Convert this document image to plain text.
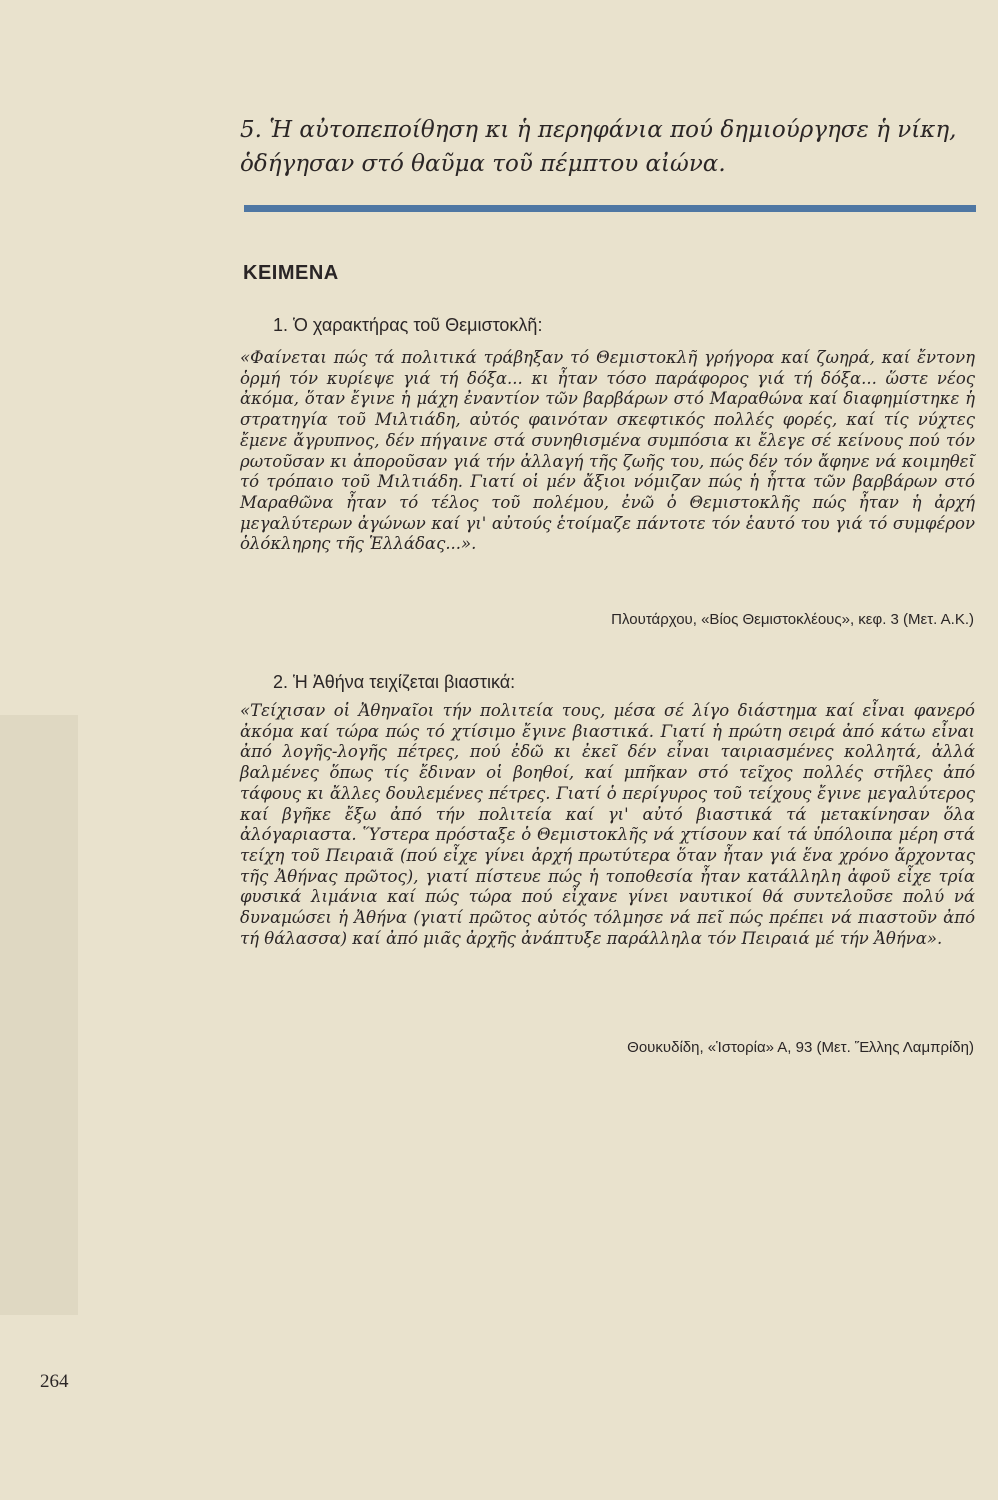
5. Ἡ αὐτοπεποίθηση κι ἡ περηφάνια πού δημιούργησε ἡ νίκη, ὁδήγησαν στό θαῦμα τοῦ πέμπτου αἰώνα.
ΚΕΙΜΕΝΑ
1. Ὁ χαρακτήρας τοῦ Θεμιστοκλῆ:

«Φαίνεται πώς τά πολιτικά τράβηξαν τό Θεμιστοκλῆ γρήγορα καί ζωηρά, καί ἔντονη ὁρμή τόν κυρίεψε γιά τή δόξα... κι ἦταν τόσο παράφορος γιά τή δόξα... ὥστε νέος ἀκόμα, ὅταν ἔγινε ἡ μάχη ἐναντίον τῶν βαρβάρων στό Μαραθώνα καί διαφημίστηκε ἡ στρατηγία τοῦ Μιλτιάδη, αὐτός φαινόταν σκεφτικός πολλές φορές, καί τίς νύχτες ἔμενε ἄγρυπνος, δέν πήγαινε στά συνηθισμένα συμπόσια κι ἔλεγε σέ κείνους πού τόν ρωτοῦσαν κι ἀποροῦσαν γιά τήν ἀλλαγή τῆς ζωῆς του, πώς δέν τόν ἄφηνε νά κοιμηθεῖ τό τρόπαιο τοῦ Μιλτιάδη. Γιατί οἱ μέν ἄξιοι νόμιζαν πώς ἡ ἧττα τῶν βαρβάρων στό Μαραθῶνα ἦταν τό τέλος τοῦ πολέμου, ἐνῶ ὁ Θεμιστοκλῆς πώς ἦταν ἡ ἀρχή μεγαλύτερων ἀγώνων καί γι' αὐτούς ἑτοίμαζε πάντοτε τόν ἑαυτό του γιά τό συμφέρον ὁλόκληρης τῆς Ἑλλάδας...».

Πλουτάρχου, «Βίος Θεμιστοκλέους», κεφ. 3 (Μετ. Α.Κ.)
2. Ἡ Ἀθήνα τειχίζεται βιαστικά:

«Τείχισαν οἱ Ἀθηναῖοι τήν πολιτεία τους, μέσα σέ λίγο διάστημα καί εἶναι φανερό ἀκόμα καί τώρα πώς τό χτίσιμο ἔγινε βιαστικά. Γιατί ἡ πρώτη σειρά ἀπό κάτω εἶναι ἀπό λογῆς-λογῆς πέτρες, πού ἐδῶ κι ἐκεῖ δέν εἶναι ταιριασμένες κολλητά, ἀλλά βαλμένες ὅπως τίς ἔδιναν οἱ βοηθοί, καί μπῆκαν στό τεῖχος πολλές στῆλες ἀπό τάφους κι ἄλλες δουλεμένες πέτρες. Γιατί ὁ περίγυρος τοῦ τείχους ἔγινε μεγαλύτερος καί βγῆκε ἔξω ἀπό τήν πολιτεία καί γι' αὐτό βιαστικά τά μετακίνησαν ὅλα ἀλόγαριαστα. Ὕστερα πρόσταξε ὁ Θεμιστοκλῆς νά χτίσουν καί τά ὑπόλοιπα μέρη στά τείχη τοῦ Πειραιᾶ (πού εἶχε γίνει ἀρχή πρωτύτερα ὅταν ἦταν γιά ἕνα χρόνο ἄρχοντας τῆς Ἀθήνας πρῶτος), γιατί πίστευε πώς ἡ τοποθεσία ἦταν κατάλληλη ἀφοῦ εἶχε τρία φυσικά λιμάνια καί πώς τώρα πού εἶχανε γίνει ναυτικοί θά συντελοῦσε πολύ νά δυναμώσει ἡ Ἀθήνα (γιατί πρῶτος αὐτός τόλμησε νά πεῖ πώς πρέπει νά πιαστοῦν ἀπό τή θάλασσα) καί ἀπό μιᾶς ἀρχῆς ἀνάπτυξε παράλληλα τόν Πειραιά μέ τήν Ἀθήνα».

Θουκυδίδη, «Ἱστορία» Α, 93 (Μετ. Ἕλλης Λαμπρίδη)
264
